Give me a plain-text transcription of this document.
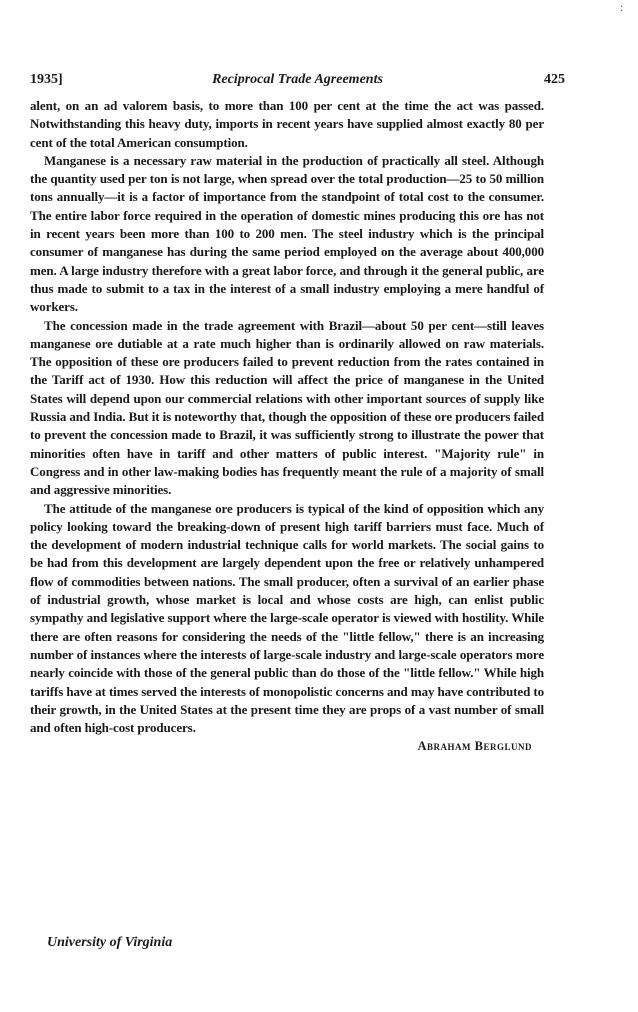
:
1935]	Reciprocal Trade Agreements	425

alent, on an ad valorem basis, to more than 100 per cent at the time the act was passed. Notwithstanding this heavy duty, imports in recent years have supplied almost exactly 80 per cent of the total American consumption.

Manganese is a necessary raw material in the production of practically all steel. Although the quantity used per ton is not large, when spread over the total production—25 to 50 million tons annually—it is a factor of importance from the standpoint of total cost to the consumer. The entire labor force required in the operation of domestic mines producing this ore has not in recent years been more than 100 to 200 men. The steel industry which is the principal consumer of manganese has during the same period employed on the average about 400,000 men. A large industry therefore with a great labor force, and through it the general public, are thus made to submit to a tax in the interest of a small industry employing a mere handful of workers.

The concession made in the trade agreement with Brazil—about 50 per cent—still leaves manganese ore dutiable at a rate much higher than is ordinarily allowed on raw materials. The opposition of these ore producers failed to prevent reduction from the rates contained in the Tariff act of 1930. How this reduction will affect the price of manganese in the United States will depend upon our commercial relations with other important sources of supply like Russia and India. But it is noteworthy that, though the opposition of these ore producers failed to prevent the concession made to Brazil, it was sufficiently strong to illustrate the power that minorities often have in tariff and other matters of public interest. "Majority rule" in Congress and in other law-making bodies has frequently meant the rule of a majority of small and aggressive minorities.

The attitude of the manganese ore producers is typical of the kind of opposition which any policy looking toward the breaking-down of present high tariff barriers must face. Much of the development of modern industrial technique calls for world markets. The social gains to be had from this development are largely dependent upon the free or relatively unhampered flow of commodities between nations. The small producer, often a survival of an earlier phase of industrial growth, whose market is local and whose costs are high, can enlist public sympathy and legislative support where the large-scale operator is viewed with hostility. While there are often reasons for considering the needs of the "little fellow," there is an increasing number of instances where the interests of large-scale industry and large-scale operators more nearly coincide with those of the general public than do those of the "little fellow." While high tariffs have at times served the interests of monopolistic concerns and may have contributed to their growth, in the United States at the present time they are props of a vast number of small and often high-cost producers.

Abraham Berglund

University of Virginia
